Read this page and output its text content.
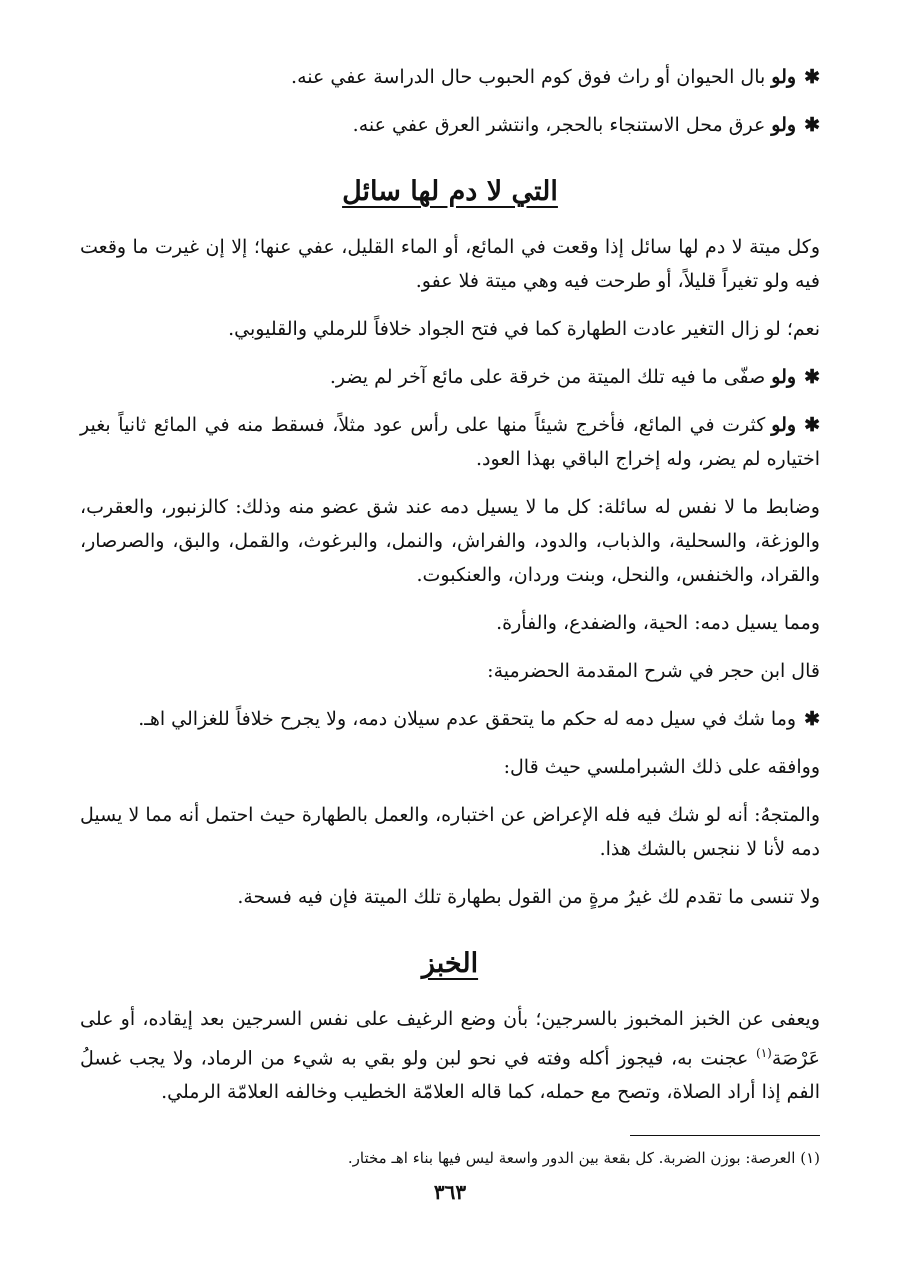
✱ولوبال الحيوان أو راث فوق كوم الحبوب حال الدراسة عفي عنه.

✱ولوعرق محل الاستنجاء بالحجر، وانتشر العرق عفي عنه.

التي لا دم لها سائل

وكل ميتة لا دم لها سائل إذا وقعت في المائع، أو الماء القليل، عفي عنها؛ إلا إن غيرت ما وقعت فيه ولو تغيراً قليلاً، أو طرحت فيه وهي ميتة فلا عفو.

نعم؛ لو زال التغير عادت الطهارة كما في فتح الجواد خلافاً للرملي والقليوبي.

✱ولوصفّى ما فيه تلك الميتة من خرقة على مائع آخر لم يضر.

✱ولوكثرت في المائع، فأخرج شيئاً منها على رأس عود مثلاً، فسقط منه في المائع ثانياً بغير اختياره لم يضر، وله إخراج الباقي بهذا العود.

وضابط ما لا نفس له سائلة: كل ما لا يسيل دمه عند شق عضو منه وذلك: كالزنبور، والعقرب، والوزغة، والسحلية، والذباب، والدود، والفراش، والنمل، والبرغوث، والقمل، والبق، والصرصار، والقراد، والخنفس، والنحل، وبنت وردان، والعنكبوت.

ومما يسيل دمه: الحية، والضفدع، والفأرة.

قال ابن حجر في شرح المقدمة الحضرمية:

✱وما شك في سيل دمه له حكم ما يتحقق عدم سيلان دمه، ولا يجرح خلافاً للغزالي اهـ.

ووافقه على ذلك الشبراملسي حيث قال:

والمتجهُ: أنه لو شك فيه فله الإعراض عن اختباره، والعمل بالطهارة حيث احتمل أنه مما لا يسيل دمه لأنا لا ننجس بالشك هذا.

ولا تنسى ما تقدم لك غيرُ مرةٍ من القول بطهارة تلك الميتة فإن فيه فسحة.

الخبز

ويعفى عن الخبز المخبوز بالسرجين؛ بأن وضع الرغيف على نفس السرجين بعد إيقاده، أو على عَرْصَة$^{(١)}$ عجنت به، فيجوز أكله وفته في نحو لبن ولو بقي به شيء من الرماد، ولا يجب غسلُ الفم إذا أراد الصلاة، وتصح مع حمله، كما قاله العلامّة الخطيب وخالفه العلامّة الرملي.

(١) العرصة: بوزن الضربة. كل بقعة بين الدور واسعة ليس فيها بناء اهـ مختار.

٣٦٣
